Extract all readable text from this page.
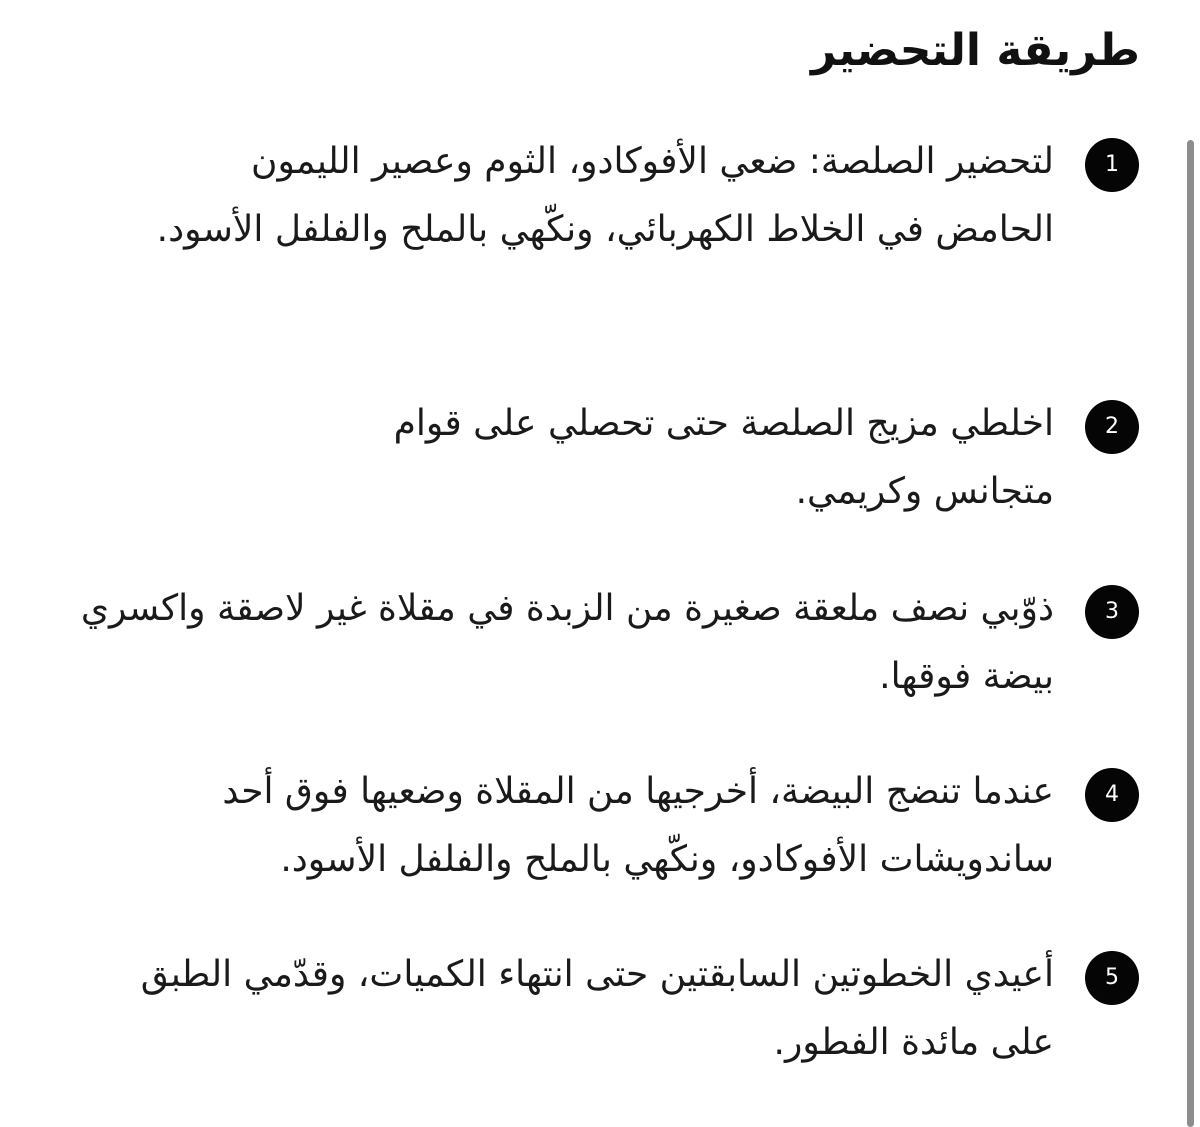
طريقة التحضير
1

لتحضير الصلصة: ضعي الأفوكادو، الثوم وعصير الليمون الحامض في الخلاط الكهربائي، ونكّهي بالملح والفلفل الأسود.

2

اخلطي مزيج الصلصة حتى تحصلي على قوام متجانس وكريمي.

3

ذوّبي نصف ملعقة صغيرة من الزبدة في مقلاة غير لاصقة واكسري بيضة فوقها.

4

عندما تنضج البيضة، أخرجيها من المقلاة وضعيها فوق أحد ساندويشات الأفوكادو، ونكّهي بالملح والفلفل الأسود.

5

أعيدي الخطوتين السابقتين حتى انتهاء الكميات، وقدّمي الطبق على مائدة الفطور.
